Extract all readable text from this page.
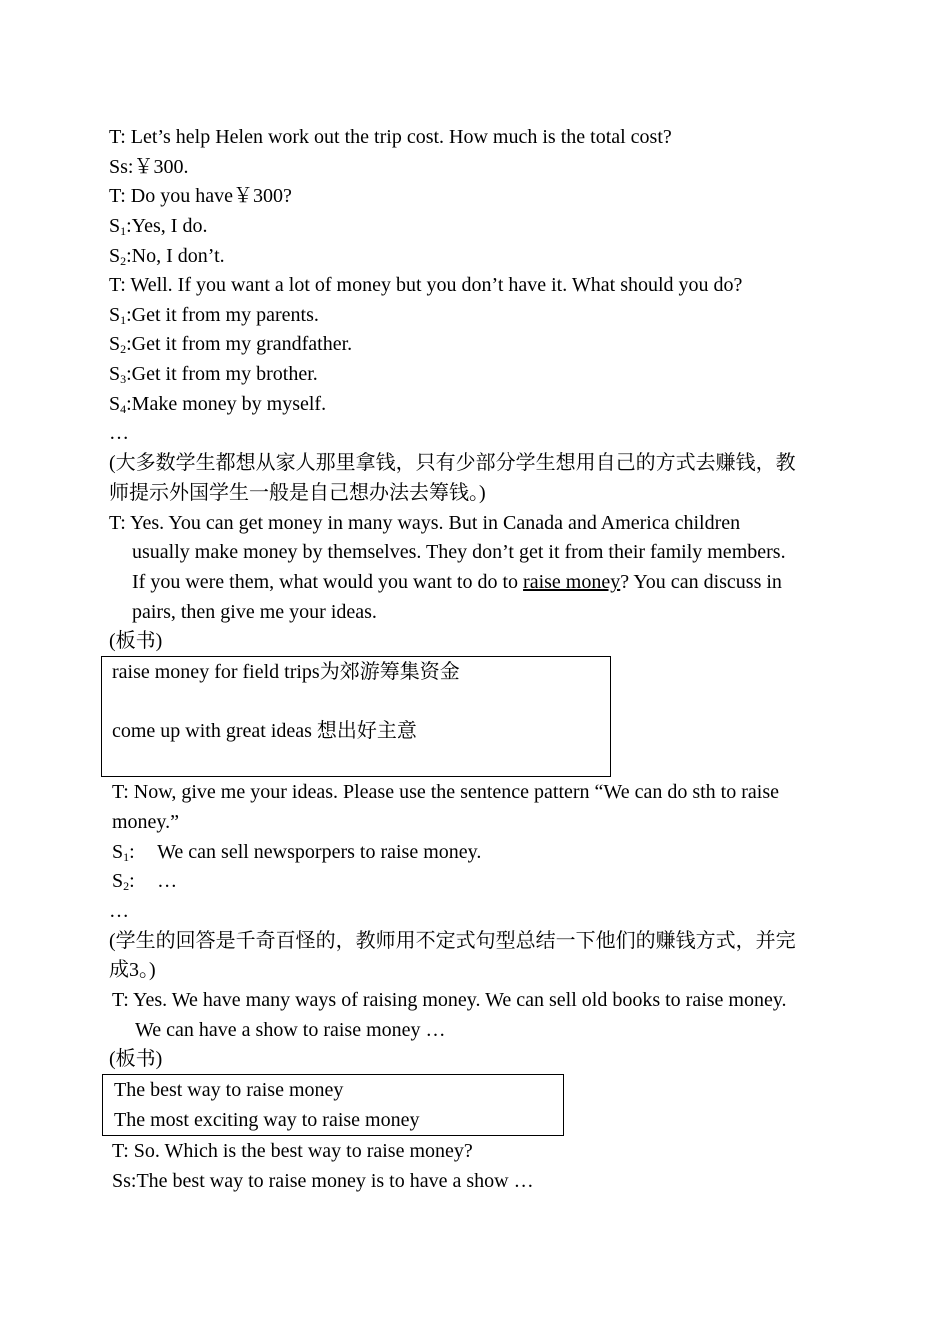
T: Let’s help Helen work out the trip cost. How much is the total cost?
Ss:￥300.
T: Do you have￥300?
$S_1:Yes$, I do.
$S_2:No$, I don’t.
T: Well. If you want a lot of money but you don’t have it. What should you do?
$S_1:Get$ it from my parents.
$S_2:Get$ it from my grandfather.
$S_3:Get$ it from my brother.
$S_4:Make$ money by myself.
…
(大多数学生都想从家人那里拿钱，只有少部分学生想用自己的方式去赚钱，教
师提示外国学生一般是自己想办法去筹钱。)
T: Yes. You can get money in many ways. But in Canada and America children
usually make money by themselves. They don’t get it from their family members.
If you were them, what would you want to do to raise money? You can discuss in
pairs, then give me your ideas.
(板书)
raise money for field trips为郊游筹集资金
come up with great ideas 想出好主意
T: Now, give me your ideas. Please use the sentence pattern “We can do sth to raise
money.”
$S_1$: We can sell newsporpers to raise money.
$S_2$: …
…
(学生的回答是千奇百怪的，教师用不定式句型总结一下他们的赚钱方式，并完
成3。)
T: Yes. We have many ways of raising money. We can sell old books to raise money.
We can have a show to raise money …
(板书)
The best way to raise money
The most exciting way to raise money
T: So. Which is the best way to raise money?
Ss:The best way to raise money is to have a show …
